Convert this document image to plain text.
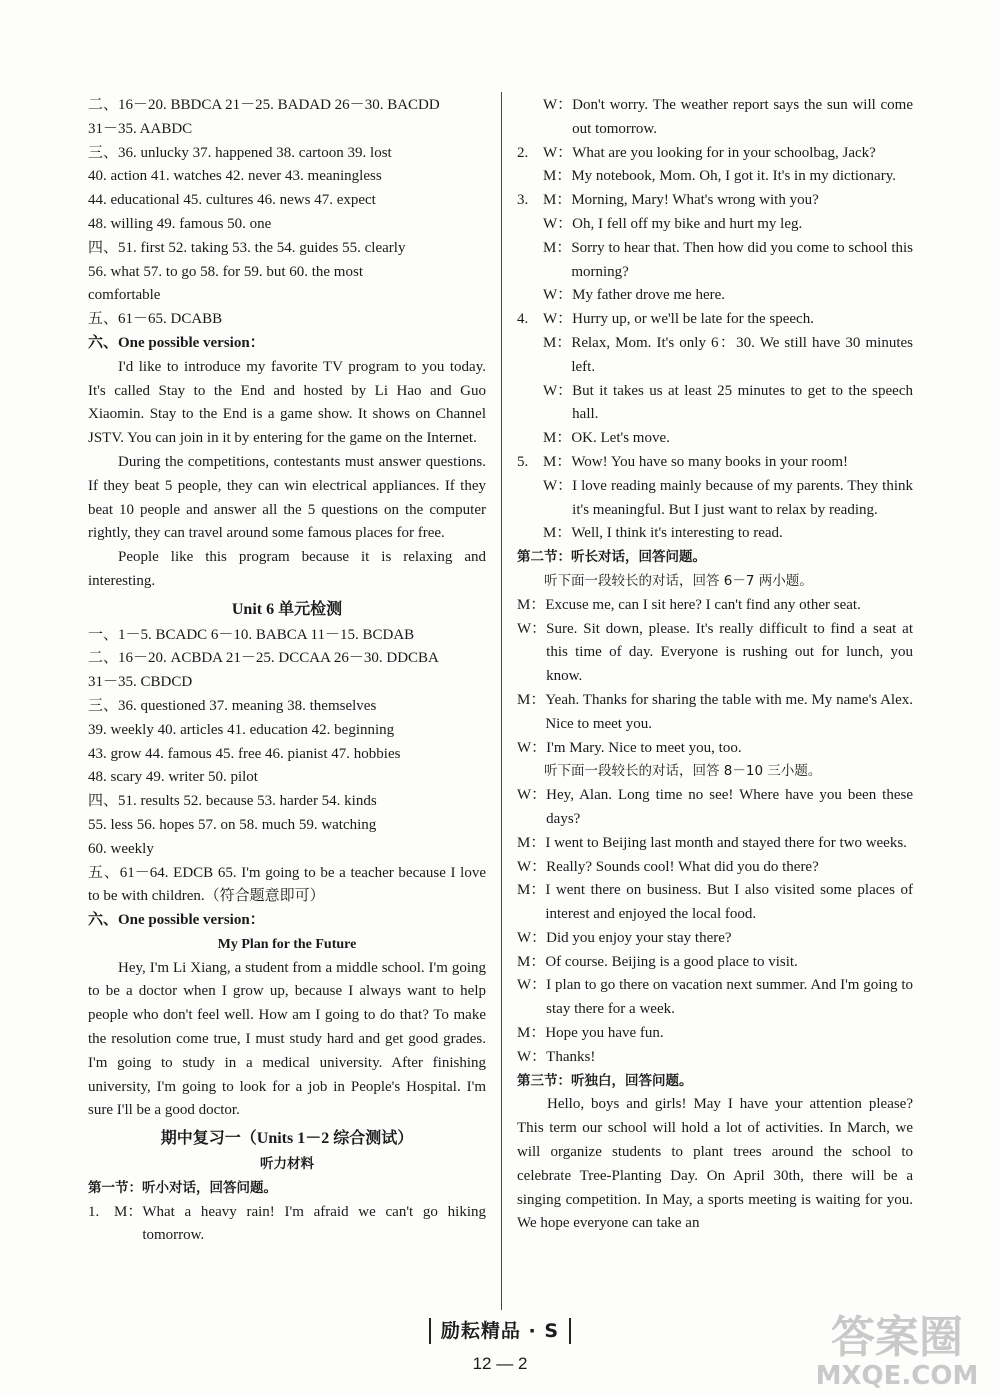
二、16－20. BBDCA 21－25. BADAD 26－30. BACDD
31－35. AABDC
三、36. unlucky 37. happened 38. cartoon 39. lost
40. action 41. watches 42. never 43. meaningless
44. educational 45. cultures 46. news 47. expect
48. willing 49. famous 50. one
四、51. first 52. taking 53. the 54. guides 55. clearly
56. what 57. to go 58. for 59. but 60. the most
comfortable
五、61－65. DCABB
六、One possible version：
I'd like to introduce my favorite TV program to you today. It's called Stay to the End and hosted by Li Hao and Guo Xiaomin. Stay to the End is a game show. It shows on Channel JSTV. You can join in it by entering for the game on the Internet.
During the competitions, contestants must answer questions. If they beat 5 people, they can win electrical appliances. If they beat 10 people and answer all the 5 questions on the computer rightly, they can travel around some famous places for free.
People like this program because it is relaxing and interesting.
Unit 6 单元检测
一、1－5. BCADC 6－10. BABCA 11－15. BCDAB
二、16－20. ACBDA 21－25. DCCAA 26－30. DDCBA
31－35. CBDCD
三、36. questioned 37. meaning 38. themselves
39. weekly 40. articles 41. education 42. beginning
43. grow 44. famous 45. free 46. pianist 47. hobbies
48. scary 49. writer 50. pilot
四、51. results 52. because 53. harder 54. kinds
55. less 56. hopes 57. on 58. much 59. watching
60. weekly
五、61－64. EDCB 65. I'm going to be a teacher because I love to be with children.（符合题意即可）
六、One possible version：
My Plan for the Future
Hey, I'm Li Xiang, a student from a middle school. I'm going to be a doctor when I grow up, because I always want to help people who don't feel well. How am I going to do that? To make the resolution come true, I must study hard and get good grades. I'm going to study in a medical university. After finishing university, I'm going to look for a job in People's Hospital. I'm sure I'll be a good doctor.
期中复习一（Units 1－2 综合测试）
听力材料
第一节：听小对话，回答问题。
1. M： What a heavy rain! I'm afraid we can't go hiking tomorrow.
W： Don't worry. The weather report says the sun will come out tomorrow.
2. W： What are you looking for in your schoolbag, Jack?
M： My notebook, Mom. Oh, I got it. It's in my dictionary.
3. M： Morning, Mary! What's wrong with you?
W： Oh, I fell off my bike and hurt my leg.
M： Sorry to hear that. Then how did you come to school this morning?
W： My father drove me here.
4. W： Hurry up, or we'll be late for the speech.
M： Relax, Mom. It's only 6：30. We still have 30 minutes left.
W： But it takes us at least 25 minutes to get to the speech hall.
M： OK. Let's move.
5. M： Wow! You have so many books in your room!
W： I love reading mainly because of my parents. They think it's meaningful. But I just want to relax by reading.
M： Well, I think it's interesting to read.
第二节：听长对话，回答问题。
听下面一段较长的对话，回答 6－7 两小题。
M： Excuse me, can I sit here? I can't find any other seat.
W： Sure. Sit down, please. It's really difficult to find a seat at this time of day. Everyone is rushing out for lunch, you know.
M： Yeah. Thanks for sharing the table with me. My name's Alex. Nice to meet you.
W： I'm Mary. Nice to meet you, too.
听下面一段较长的对话，回答 8－10 三小题。
W： Hey, Alan. Long time no see! Where have you been these days?
M： I went to Beijing last month and stayed there for two weeks.
W： Really? Sounds cool! What did you do there?
M： I went there on business. But I also visited some places of interest and enjoyed the local food.
W： Did you enjoy your stay there?
M： Of course. Beijing is a good place to visit.
W： I plan to go there on vacation next summer. And I'm going to stay there for a week.
M： Hope you have fun.
W： Thanks!
第三节：听独白，回答问题。
Hello, boys and girls! May I have your attention please? This term our school will hold a lot of activities. In March, we will organize students to plant trees around the school to celebrate Tree-Planting Day. On April 30th, there will be a singing competition. In May, a sports meeting is waiting for you. We hope everyone can take an
励耘精品 · S
12 — 2
答案圈
MXQE.COM
